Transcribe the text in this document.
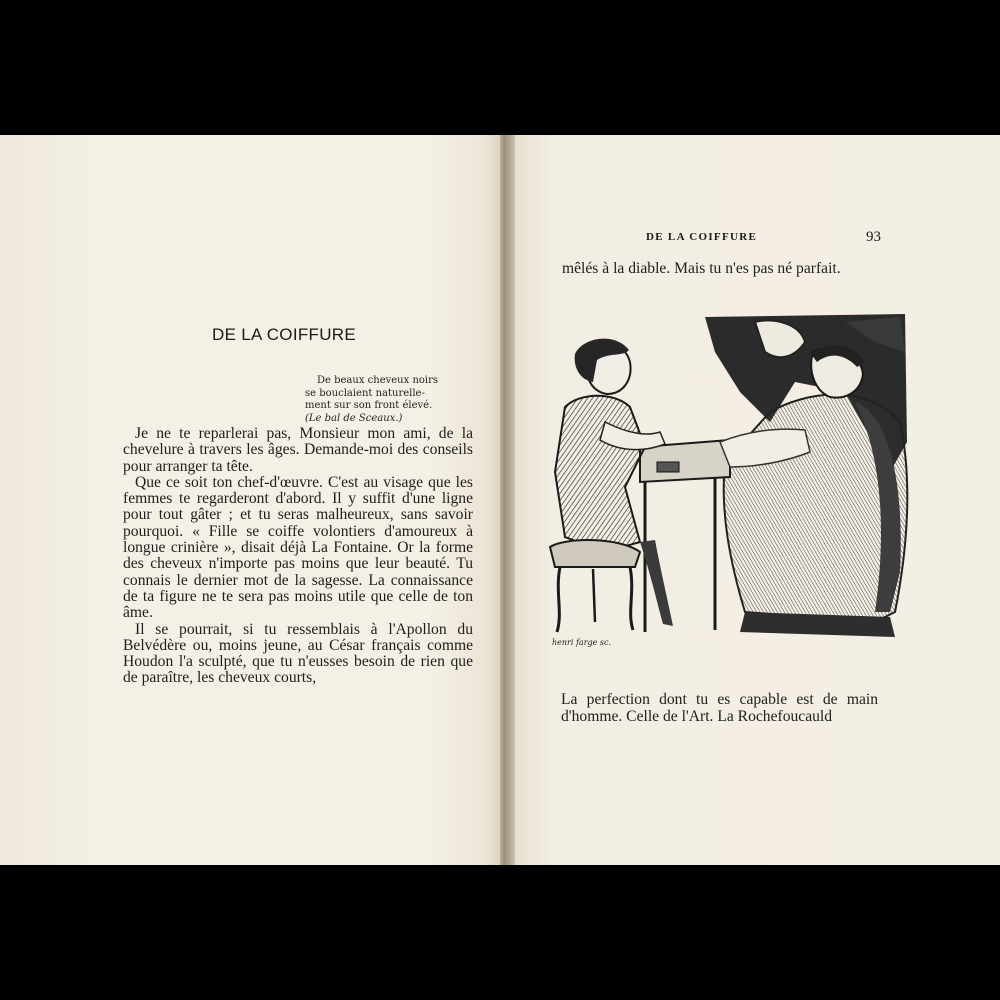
DE LA COIFFURE
De beaux cheveux noirs
se bouclaient naturelle-
ment sur son front élevé.
(Le bal de Sceaux.)

Je ne te reparlerai pas, Monsieur mon ami, de la chevelure à travers les âges. Demande-moi des conseils pour arranger ta tête.

Que ce soit ton chef-d'œuvre. C'est au visage que les femmes te regarderont d'abord. Il y suffit d'une ligne pour tout gâter ; et tu seras malheureux, sans savoir pourquoi. « Fille se coiffe volontiers d'amoureux à longue crinière », disait déjà La Fontaine. Or la forme des cheveux n'importe pas moins que leur beauté. Tu connais le dernier mot de la sagesse. La connaissance de ta figure ne te sera pas moins utile que celle de ton âme.

Il se pourrait, si tu ressemblais à l'Apollon du Belvédère ou, moins jeune, au César français comme Houdon l'a sculpté, que tu n'eusses besoin de rien que de paraître, les cheveux courts,

DE LA COIFFURE	93
mêlés à la diable. Mais tu n'es pas né parfait.
henri farge sc.

La perfection dont tu es capable est de main d'homme. Celle de l'Art. La Rochefoucauld
